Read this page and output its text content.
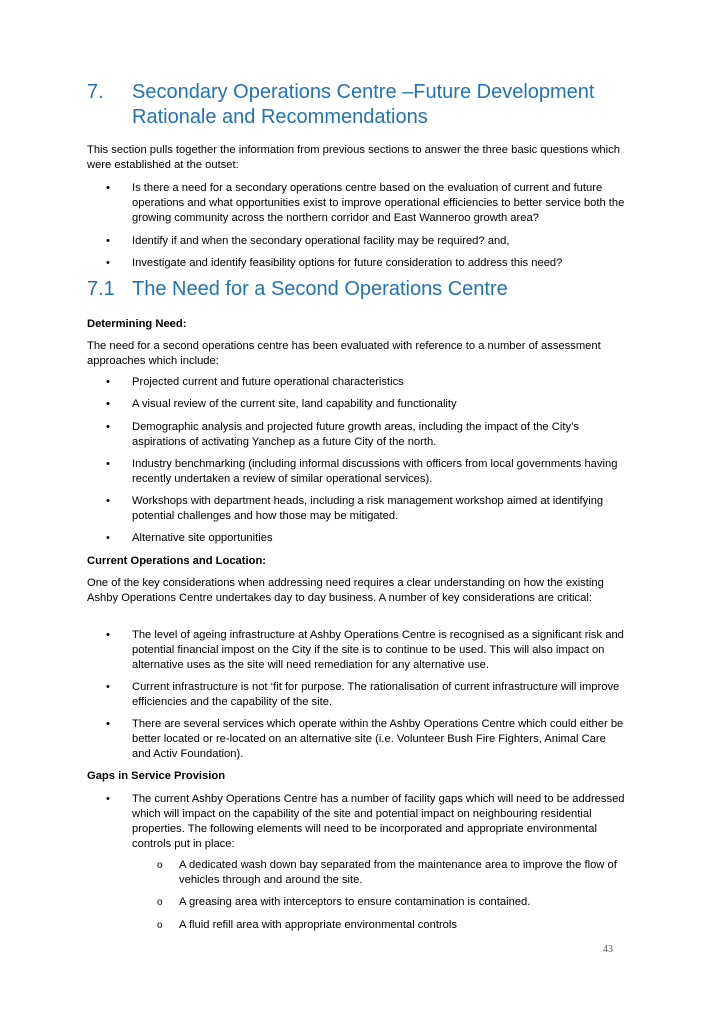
7. Secondary Operations Centre –Future Development Rationale and Recommendations
This section pulls together the information from previous sections to answer the three basic questions which were established at the outset:
• Is there a need for a secondary operations centre based on the evaluation of current and future operations and what opportunities exist to improve operational efficiencies to better service both the growing community across the northern corridor and East Wanneroo growth area?
• Identify if and when the secondary operational facility may be required? and,
• Investigate and identify feasibility options for future consideration to address this need?
7.1 The Need for a Second Operations Centre
Determining Need:
The need for a second operations centre has been evaluated with reference to a number of assessment approaches which include:
• Projected current and future operational characteristics
• A visual review of the current site, land capability and functionality
• Demographic analysis and projected future growth areas, including the impact of the City’s aspirations of activating Yanchep as a future City of the north.
• Industry benchmarking (including informal discussions with officers from local governments having recently undertaken a review of similar operational services).
• Workshops with department heads, including a risk management workshop aimed at identifying potential challenges and how those may be mitigated.
• Alternative site opportunities
Current Operations and Location:
One of the key considerations when addressing need requires a clear understanding on how the existing Ashby Operations Centre undertakes day to day business. A number of key considerations are critical:
• The level of ageing infrastructure at Ashby Operations Centre is recognised as a significant risk and potential financial impost on the City if the site is to continue to be used. This will also impact on alternative uses as the site will need remediation for any alternative use.
• Current infrastructure is not ‘fit for purpose. The rationalisation of current infrastructure will improve efficiencies and the capability of the site.
• There are several services which operate within the Ashby Operations Centre which could either be better located or re-located on an alternative site (i.e. Volunteer Bush Fire Fighters, Animal Care and Activ Foundation).
Gaps in Service Provision
• The current Ashby Operations Centre has a number of facility gaps which will need to be addressed which will impact on the capability of the site and potential impact on neighbouring residential properties. The following elements will need to be incorporated and appropriate environmental controls put in place:
o A dedicated wash down bay separated from the maintenance area to improve the flow of vehicles through and around the site.
o A greasing area with interceptors to ensure contamination is contained.
o A fluid refill area with appropriate environmental controls
43
